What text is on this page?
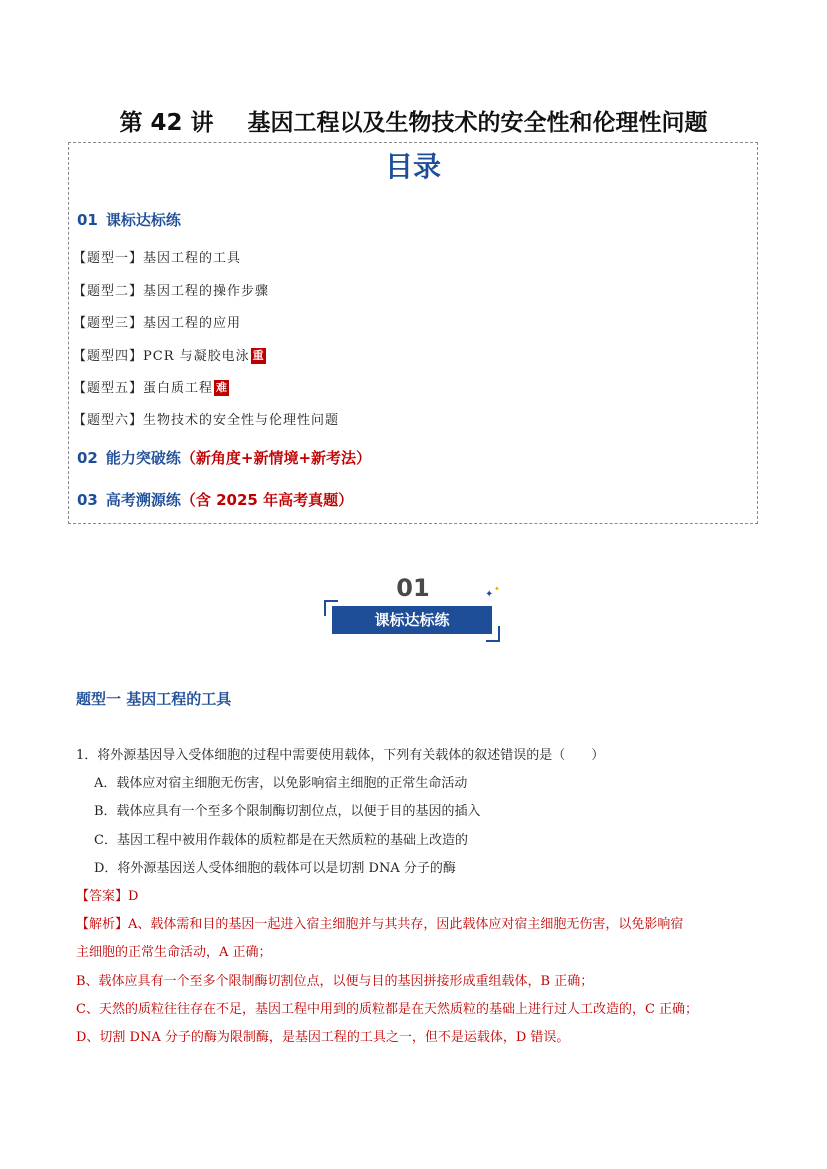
第 42 讲 基因工程以及生物技术的安全性和伦理性问题
目录
01 课标达标练
【题型一】基因工程的工具
【题型二】基因工程的操作步骤
【题型三】基因工程的应用
【题型四】PCR 与凝胶电泳 重
【题型五】蛋白质工程 难
【题型六】生物技术的安全性与伦理性问题
02 能力突破练（新角度+新情境+新考法）
03 高考溯源练（含 2025 年高考真题）
01
课标达标练
✦ ✦
题型一 基因工程的工具
1．将外源基因导入受体细胞的过程中需要使用载体，下列有关载体的叙述错误的是（　　）
A．载体应对宿主细胞无伤害，以免影响宿主细胞的正常生命活动
B．载体应具有一个至多个限制酶切割位点，以便于目的基因的插入
C．基因工程中被用作载体的质粒都是在天然质粒的基础上改造的
D．将外源基因送人受体细胞的载体可以是切割 DNA 分子的酶
【答案】D
【解析】A、载体需和目的基因一起进入宿主细胞并与其共存，因此载体应对宿主细胞无伤害，以免影响宿
主细胞的正常生命活动，A 正确；
B、载体应具有一个至多个限制酶切割位点，以便与目的基因拼接形成重组载体，B 正确；
C、天然的质粒往往存在不足，基因工程中用到的质粒都是在天然质粒的基础上进行过人工改造的，C 正确；
D、切割 DNA 分子的酶为限制酶，是基因工程的工具之一，但不是运载体，D 错误。
